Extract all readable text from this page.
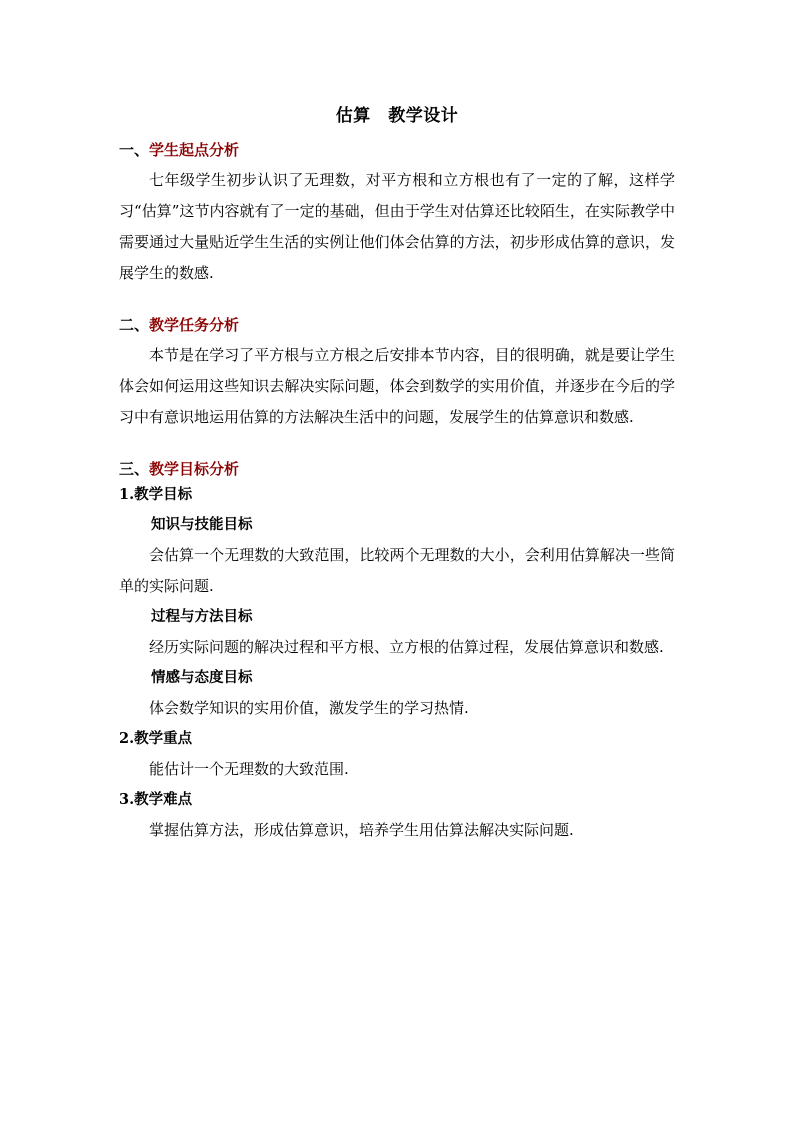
估算　教学设计
一、学生起点分析

七年级学生初步认识了无理数，对平方根和立方根也有了一定的了解，这样学习“估算”这节内容就有了一定的基础，但由于学生对估算还比较陌生，在实际教学中需要通过大量贴近学生生活的实例让他们体会估算的方法，初步形成估算的意识，发展学生的数感.

二、教学任务分析

本节是在学习了平方根与立方根之后安排本节内容，目的很明确，就是要让学生体会如何运用这些知识去解决实际问题，体会到数学的实用价值，并逐步在今后的学习中有意识地运用估算的方法解决生活中的问题，发展学生的估算意识和数感.

三、教学目标分析
1.教学目标
知识与技能目标

会估算一个无理数的大致范围，比较两个无理数的大小，会利用估算解决一些简单的实际问题.

过程与方法目标

经历实际问题的解决过程和平方根、立方根的估算过程，发展估算意识和数感.

情感与态度目标

体会数学知识的实用价值，激发学生的学习热情.

2.教学重点

能估计一个无理数的大致范围.

3.教学难点

掌握估算方法，形成估算意识，培养学生用估算法解决实际问题.
